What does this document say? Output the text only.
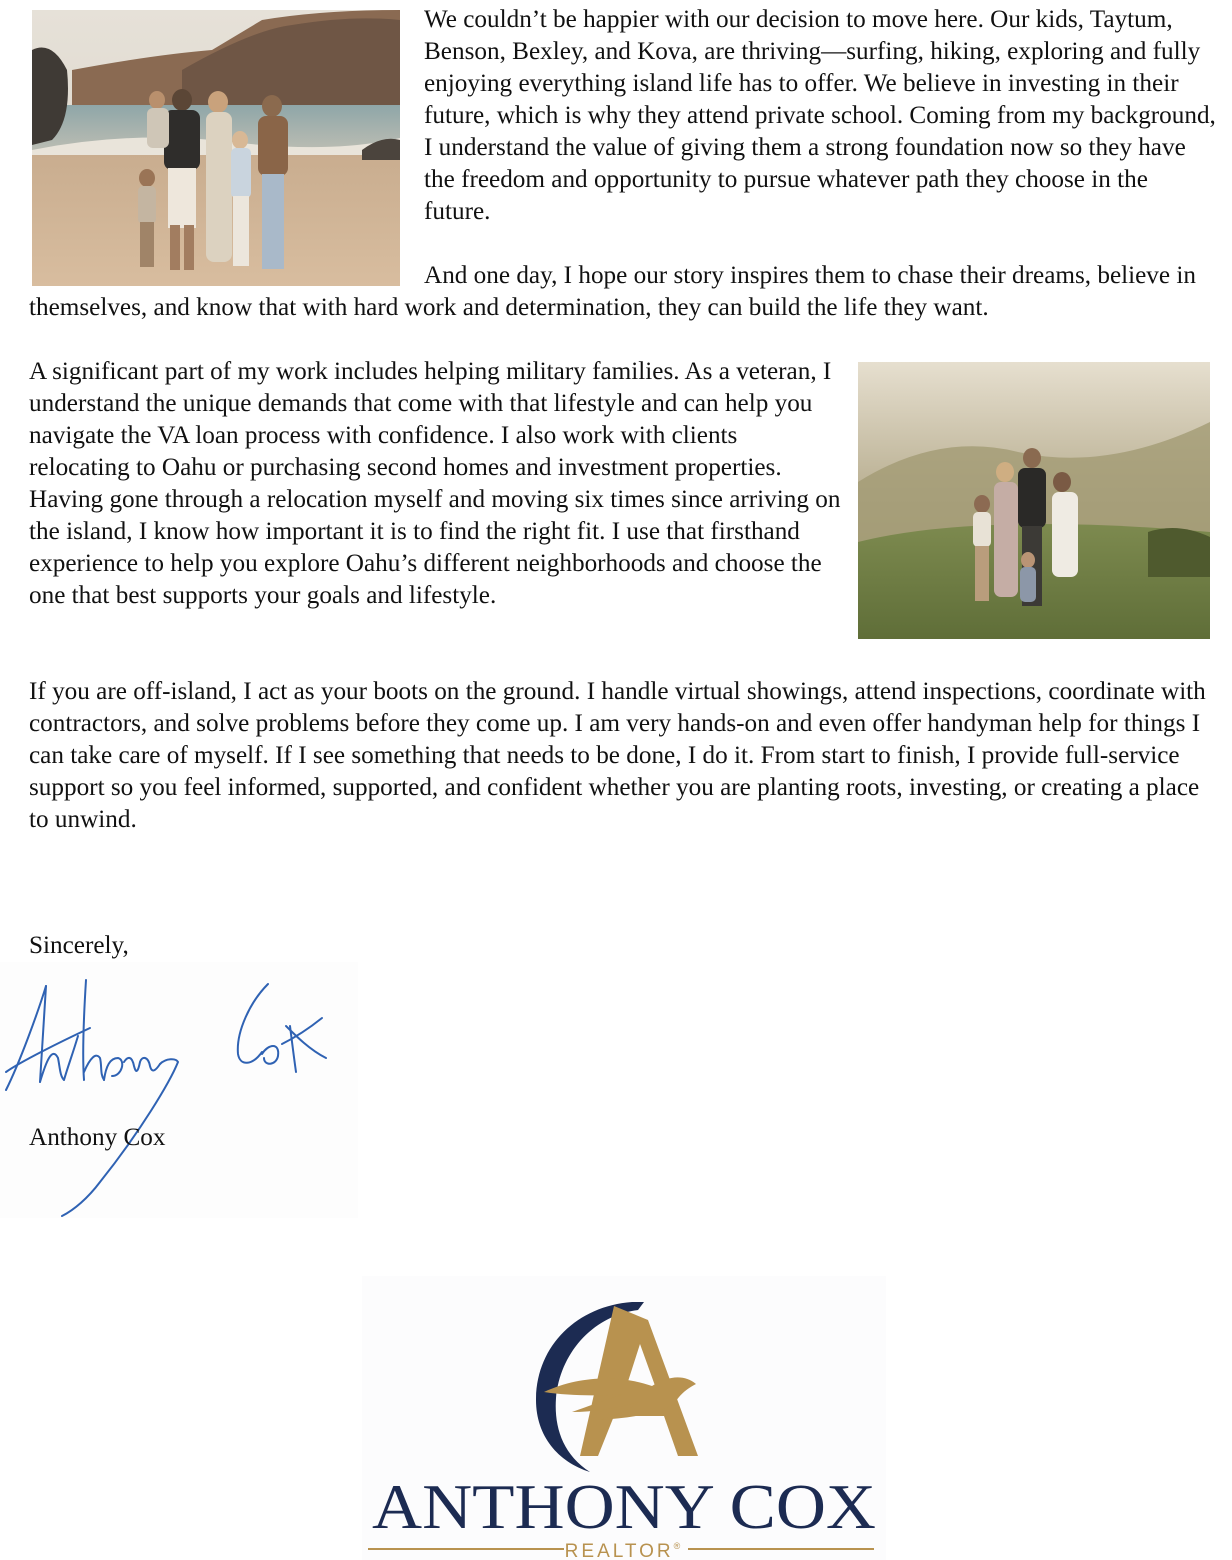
We couldn’t be happier with our decision to move here. Our kids, Taytum, Benson, Bexley, and Kova, are thriving—surfing, hiking, exploring and fully enjoying everything island life has to offer. We believe in investing in their future, which is why they attend private school. Coming from my background, I understand the value of giving them a strong foundation now so they have the freedom and opportunity to pursue whatever path they choose in the future.

And one day, I hope our story inspires them to chase their dreams, believe in themselves, and know that with hard work and determination, they can build the life they want.

A significant part of my work includes helping military families. As a veteran, I understand the unique demands that come with that lifestyle and can help you navigate the VA loan process with confidence. I also work with clients relocating to Oahu or purchasing second homes and investment properties. Having gone through a relocation myself and moving six times since arriving on the island, I know how important it is to find the right fit. I use that firsthand experience to help you explore Oahu’s different neighborhoods and choose the one that best supports your goals and lifestyle.

If you are off-island, I act as your boots on the ground. I handle virtual showings, attend inspections, coordinate with contractors, and solve problems before they come up. I am very hands-on and even offer handyman help for things I can take care of myself. If I see something that needs to be done, I do it. From start to finish, I provide full-service support so you feel informed, supported, and confident whether you are planting roots, investing, or creating a place to unwind.

Sincerely,

Anthony Cox

ANTHONY COX
REALTOR®
